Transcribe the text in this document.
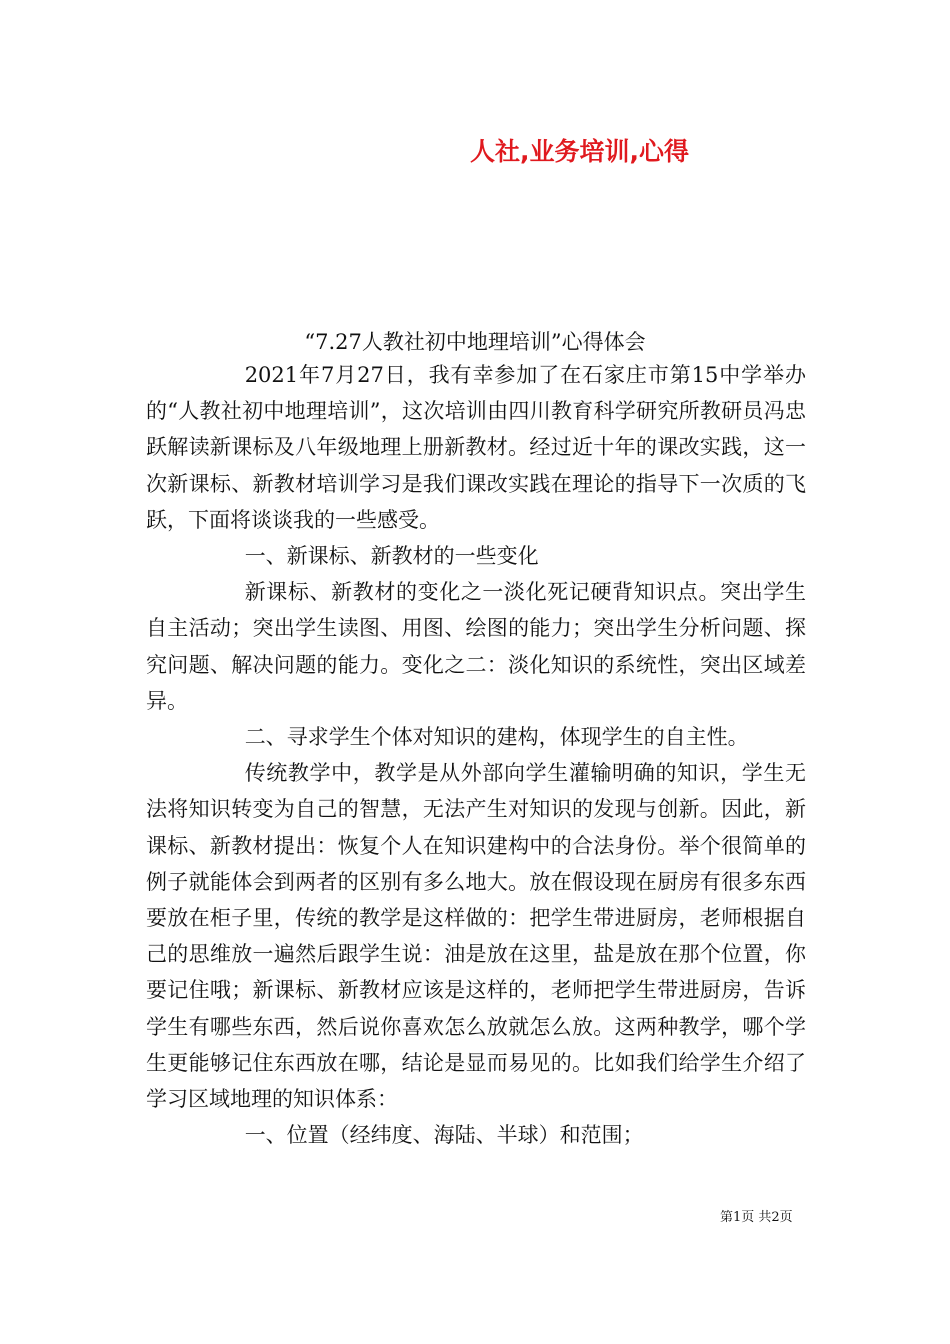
人社,业务培训,心得
“7.27人教社初中地理培训”心得体会

2021年7月27日，我有幸参加了在石家庄市第15中学举办的“人教社初中地理培训”，这次培训由四川教育科学研究所教研员冯忠跃解读新课标及八年级地理上册新教材。经过近十年的课改实践，这一次新课标、新教材培训学习是我们课改实践在理论的指导下一次质的飞跃，下面将谈谈我的一些感受。

一、新课标、新教材的一些变化

新课标、新教材的变化之一淡化死记硬背知识点。突出学生自主活动；突出学生读图、用图、绘图的能力；突出学生分析问题、探究问题、解决问题的能力。变化之二：淡化知识的系统性，突出区域差异。

二、寻求学生个体对知识的建构，体现学生的自主性。

传统教学中，教学是从外部向学生灌输明确的知识，学生无法将知识转变为自己的智慧，无法产生对知识的发现与创新。因此，新课标、新教材提出：恢复个人在知识建构中的合法身份。举个很简单的例子就能体会到两者的区别有多么地大。放在假设现在厨房有很多东西要放在柜子里，传统的教学是这样做的：把学生带进厨房，老师根据自己的思维放一遍然后跟学生说：油是放在这里，盐是放在那个位置，你要记住哦；新课标、新教材应该是这样的，老师把学生带进厨房，告诉学生有哪些东西，然后说你喜欢怎么放就怎么放。这两种教学，哪个学生更能够记住东西放在哪，结论是显而易见的。比如我们给学生介绍了学习区域地理的知识体系：

一、位置（经纬度、海陆、半球）和范围；

第1页 共2页
